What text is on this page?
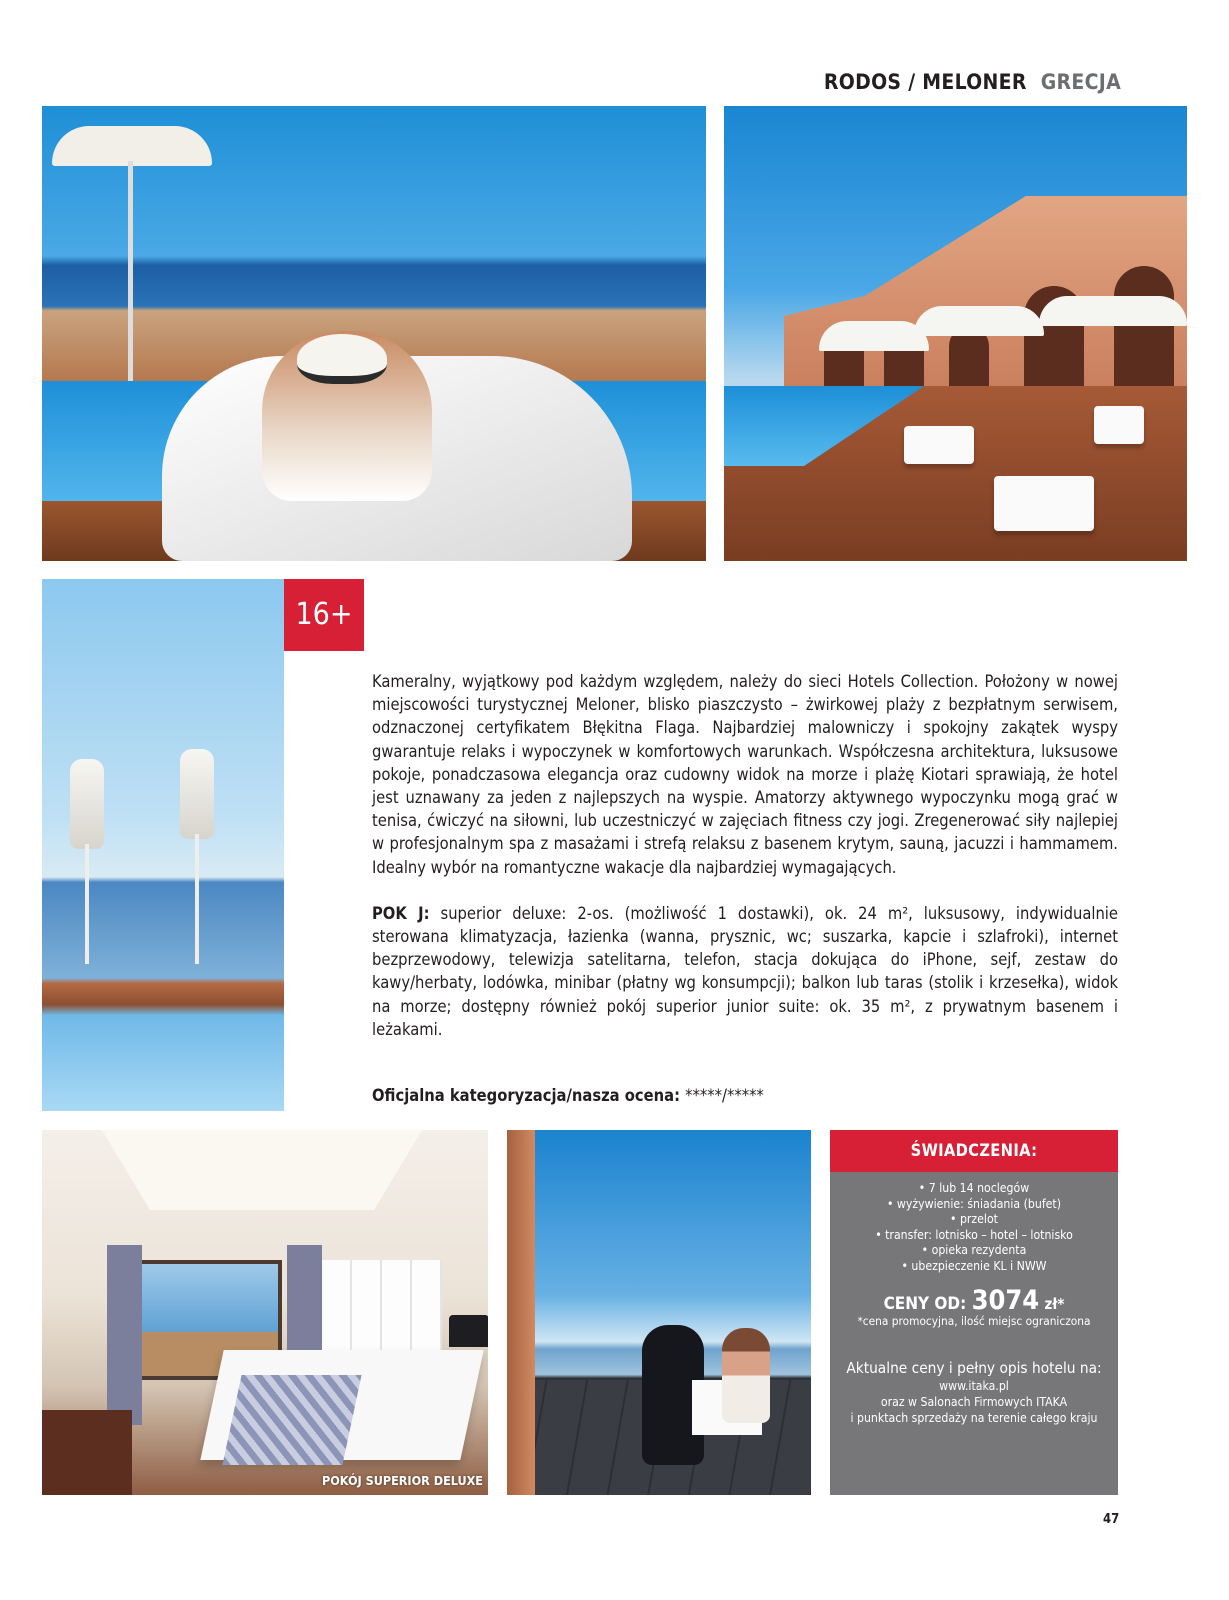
RODOS / MELONER GRECJA
16+

Kameralny, wyjątkowy pod każdym względem, należy do sieci Hotels Collection. Położony w nowej miejscowości turystycznej Meloner, blisko piaszczysto – żwirkowej plaży z bezpłatnym serwisem, odznaczonej certyfikatem Błękitna Flaga. Najbardziej malowniczy i spokojny zakątek wyspy gwarantuje relaks i wypoczynek w komfortowych warunkach. Współczesna architektura, luksusowe pokoje, ponadczasowa elegancja oraz cudowny widok na morze i plażę Kiotari sprawiają, że hotel jest uznawany za jeden z najlepszych na wyspie. Amatorzy aktywnego wypoczynku mogą grać w tenisa, ćwiczyć na siłowni, lub uczestniczyć w zajęciach fitness czy jogi. Zregenerować siły najlepiej w profesjonalnym spa z masażami i strefą relaksu z basenem krytym, sauną, jacuzzi i hammamem. Idealny wybór na romantyczne wakacje dla najbardziej wymagających.

POK J: superior deluxe: 2-os. (możliwość 1 dostawki), ok. 24 m², luksusowy, indywidualnie sterowana klimatyzacja, łazienka (wanna, prysznic, wc; suszarka, kapcie i szlafroki), internet bezprzewodowy, telewizja satelitarna, telefon, stacja dokująca do iPhone, sejf, zestaw do kawy/herbaty, lodówka, minibar (płatny wg konsumpcji); balkon lub taras (stolik i krzesełka), widok na morze; dostępny również pokój superior junior suite: ok. 35 m², z prywatnym basenem i leżakami.

Oficjalna kategoryzacja/nasza ocena: *****/*****
POKÓJ SUPERIOR DELUXE
ŚWIADCZENIA:
• 7 lub 14 noclegów
• wyżywienie: śniadania (bufet)
• przelot
• transfer: lotnisko – hotel – lotnisko
• opieka rezydenta
• ubezpieczenie KL i NWW
CENY OD: 3074 zł*
*cena promocyjna, ilość miejsc ograniczona
Aktualne ceny i pełny opis hotelu na:
www.itaka.pl
oraz w Salonach Firmowych ITAKA
i punktach sprzedaży na terenie całego kraju
47
